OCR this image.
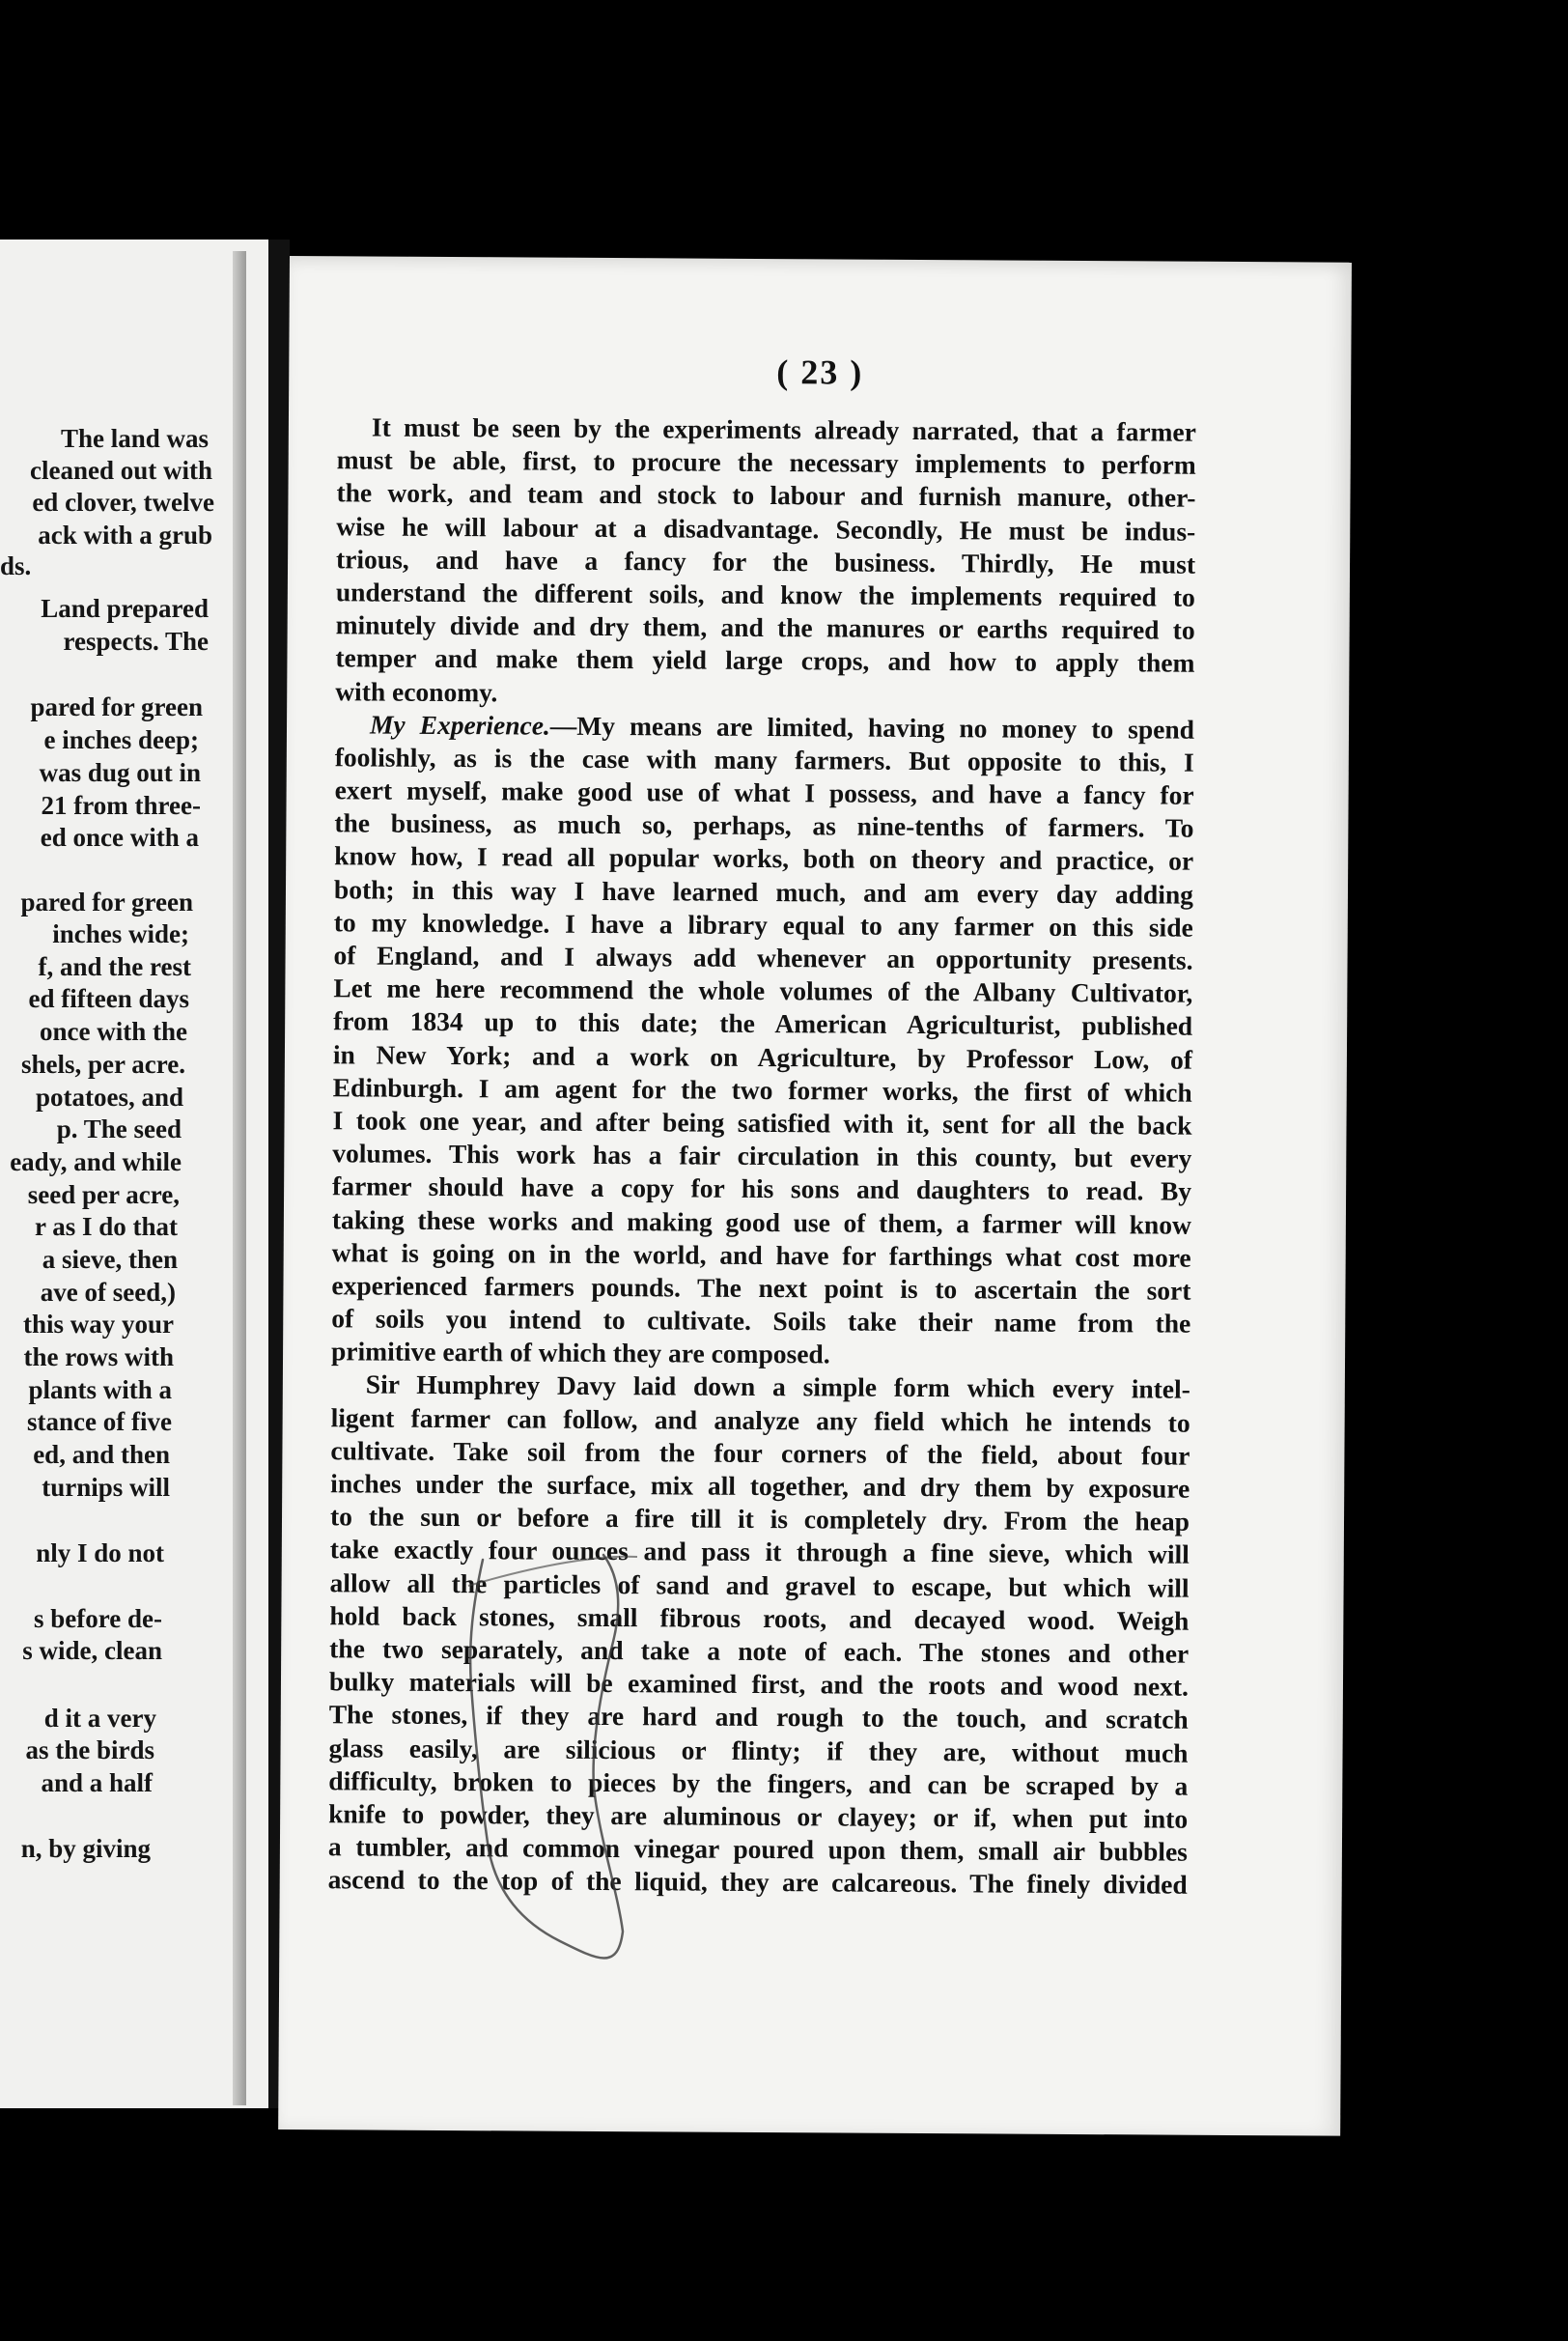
The land was
cleaned out with
ed clover, twelve
ack with a grub
ds.
Land prepared
respects. The
pared for green
e inches deep;
was dug out in
21 from three-
ed once with a
pared for green
inches wide;
f, and the rest
ed fifteen days
once with the
shels, per acre.
potatoes, and
p. The seed
eady, and while
seed per acre,
r as I do that
a sieve, then
ave of seed,)
this way your
the rows with
plants with a
stance of five
ed, and then
turnips will
nly I do not
s before de-
s wide, clean
d it a very
as the birds
and a half
n, by giving
( 23 )
It must be seen by the experiments already narrated, that a farmer
must be able, first, to procure the necessary implements to perform
the work, and team and stock to labour and furnish manure, other-
wise he will labour at a disadvantage. Secondly, He must be indus-
trious, and have a fancy for the business. Thirdly, He must
understand the different soils, and know the implements required to
minutely divide and dry them, and the manures or earths required to
temper and make them yield large crops, and how to apply them
with economy.
My Experience.—My means are limited, having no money to spend
foolishly, as is the case with many farmers. But opposite to this, I
exert myself, make good use of what I possess, and have a fancy for
the business, as much so, perhaps, as nine-tenths of farmers. To
know how, I read all popular works, both on theory and practice, or
both; in this way I have learned much, and am every day adding
to my knowledge. I have a library equal to any farmer on this side
of England, and I always add whenever an opportunity presents.
Let me here recommend the whole volumes of the Albany Cultivator,
from 1834 up to this date; the American Agriculturist, published
in New York; and a work on Agriculture, by Professor Low, of
Edinburgh. I am agent for the two former works, the first of which
I took one year, and after being satisfied with it, sent for all the back
volumes. This work has a fair circulation in this county, but every
farmer should have a copy for his sons and daughters to read. By
taking these works and making good use of them, a farmer will know
what is going on in the world, and have for farthings what cost more
experienced farmers pounds. The next point is to ascertain the sort
of soils you intend to cultivate. Soils take their name from the
primitive earth of which they are composed.
Sir Humphrey Davy laid down a simple form which every intel-
ligent farmer can follow, and analyze any field which he intends to
cultivate. Take soil from the four corners of the field, about four
inches under the surface, mix all together, and dry them by exposure
to the sun or before a fire till it is completely dry. From the heap
take exactly four ounces and pass it through a fine sieve, which will
allow all the particles of sand and gravel to escape, but which will
hold back stones, small fibrous roots, and decayed wood. Weigh
the two separately, and take a note of each. The stones and other
bulky materials will be examined first, and the roots and wood next.
The stones, if they are hard and rough to the touch, and scratch
glass easily, are silicious or flinty; if they are, without much
difficulty, broken to pieces by the fingers, and can be scraped by a
knife to powder, they are aluminous or clayey; or if, when put into
a tumbler, and common vinegar poured upon them, small air bubbles
ascend to the top of the liquid, they are calcareous. The finely divided
